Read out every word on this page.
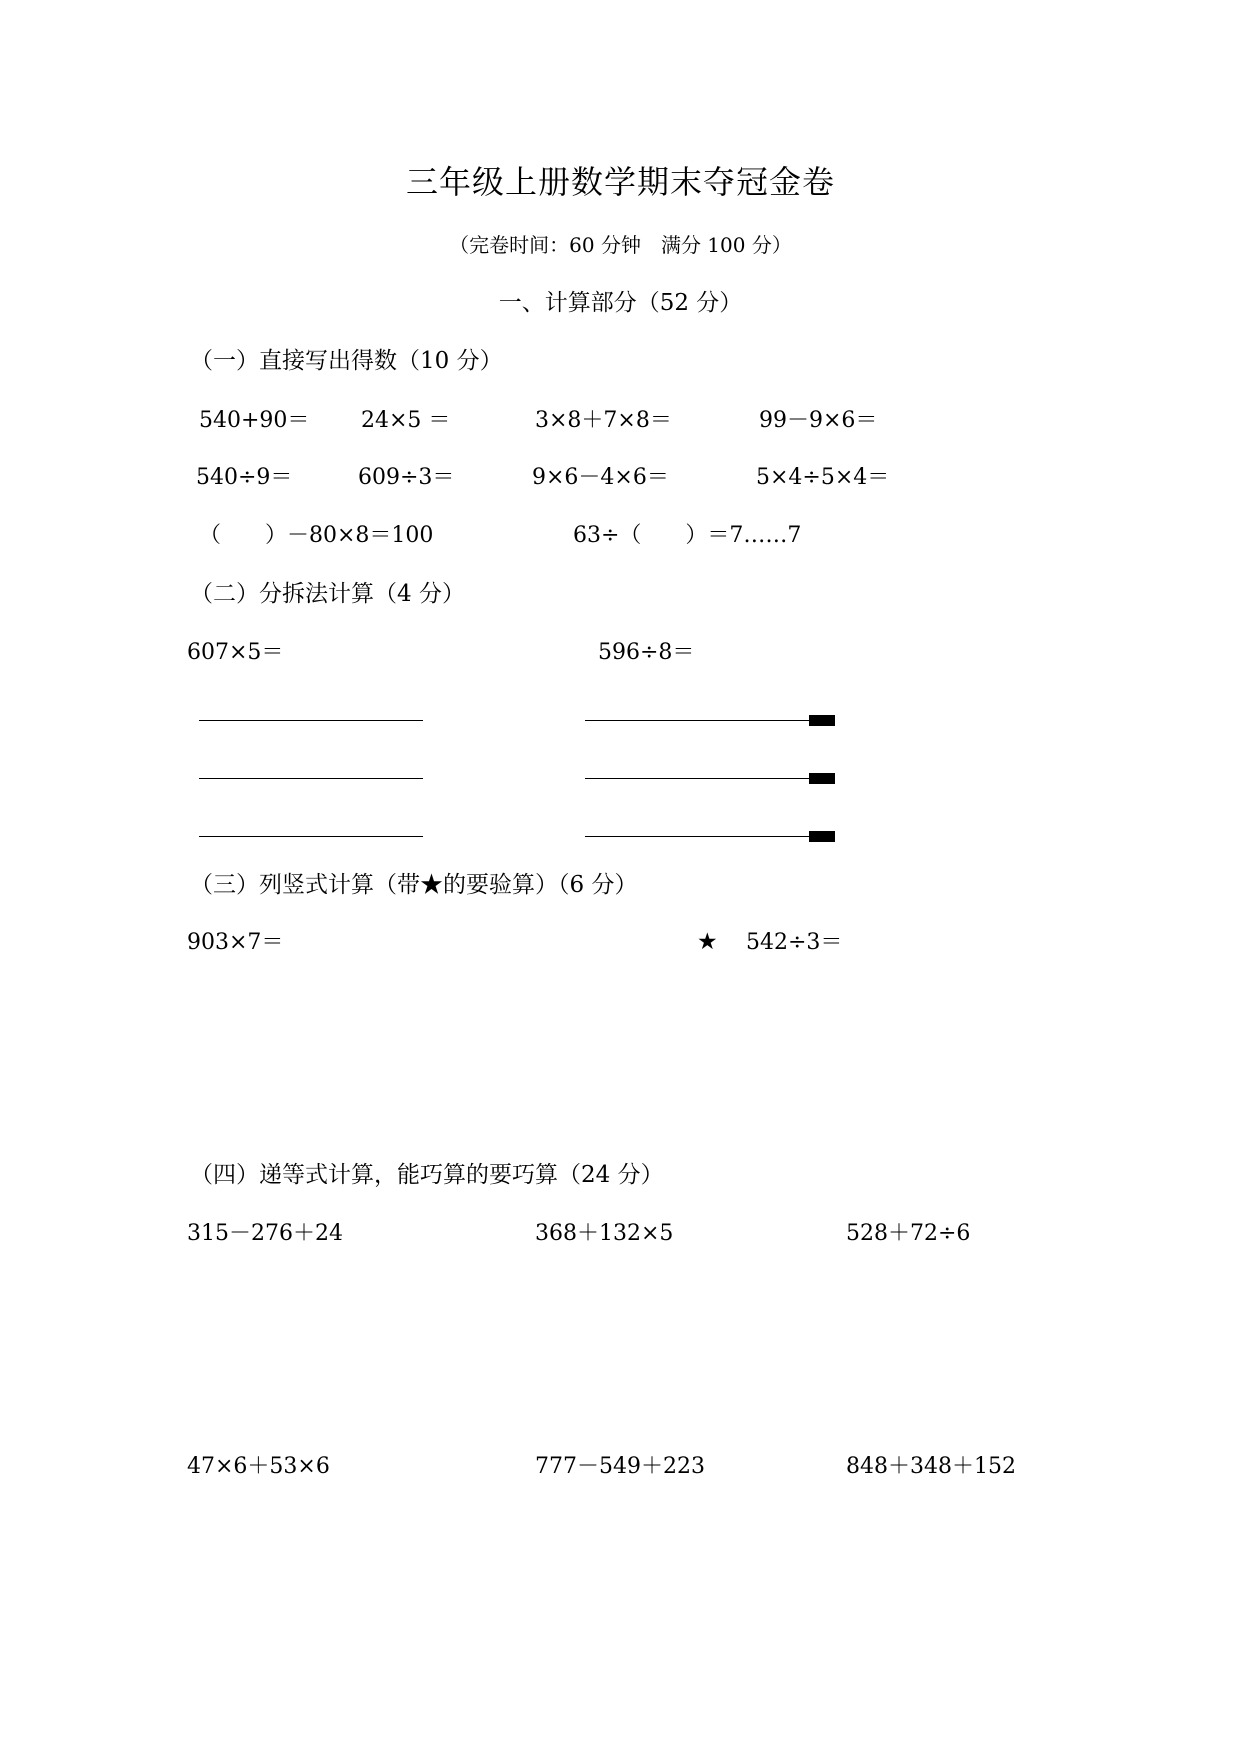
三年级上册数学期末夺冠金卷
（完卷时间：60 分钟　满分 100 分）
一、计算部分（52 分）
（一）直接写出得数（10 分）
540+90＝ 24×5 ＝	3×8＋7×8＝	99－9×6＝
540÷9＝	609÷3＝	9×6－4×6＝	5×4÷5×4＝
（　　）－80×8＝100	63÷（　　）＝7……7
（二）分拆法计算（4 分）
607×5＝	596÷8＝
（三）列竖式计算（带★的要验算）（6 分）
903×7＝	★ 542÷3＝
（四）递等式计算，能巧算的要巧算（24 分）
315－276＋24	368＋132×5	528＋72÷6
47×6＋53×6	777－549＋223	848＋348＋152
